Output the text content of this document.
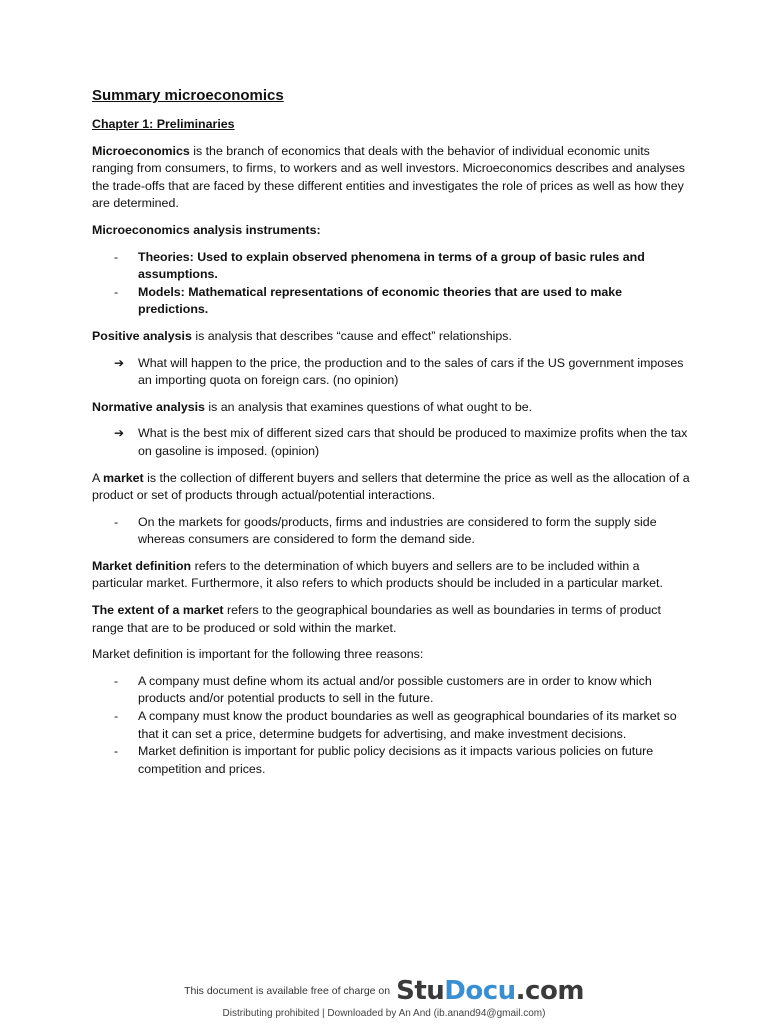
Summary microeconomics
Chapter 1: Preliminaries

Microeconomics is the branch of economics that deals with the behavior of individual economic units ranging from consumers, to firms, to workers and as well investors. Microeconomics describes and analyses the trade-offs that are faced by these different entities and investigates the role of prices as well as how they are determined.

Microeconomics analysis instruments:

- Theories: Used to explain observed phenomena in terms of a group of basic rules and assumptions.
- Models: Mathematical representations of economic theories that are used to make predictions.

Positive analysis is analysis that describes “cause and effect” relationships.

➔ What will happen to the price, the production and to the sales of cars if the US government imposes an importing quota on foreign cars. (no opinion)

Normative analysis is an analysis that examines questions of what ought to be.

➔ What is the best mix of different sized cars that should be produced to maximize profits when the tax on gasoline is imposed. (opinion)

A market is the collection of different buyers and sellers that determine the price as well as the allocation of a product or set of products through actual/potential interactions.

- On the markets for goods/products, firms and industries are considered to form the supply side whereas consumers are considered to form the demand side.

Market definition refers to the determination of which buyers and sellers are to be included within a particular market. Furthermore, it also refers to which products should be included in a particular market.

The extent of a market refers to the geographical boundaries as well as boundaries in terms of product range that are to be produced or sold within the market.

Market definition is important for the following three reasons:

- A company must define whom its actual and/or possible customers are in order to know which products and/or potential products to sell in the future.
- A company must know the product boundaries as well as geographical boundaries of its market so that it can set a price, determine budgets for advertising, and make investment decisions.
- Market definition is important for public policy decisions as it impacts various policies on future competition and prices.
This document is available free of charge on StuDocu.com
Distributing prohibited | Downloaded by An And (ib.anand94@gmail.com)
